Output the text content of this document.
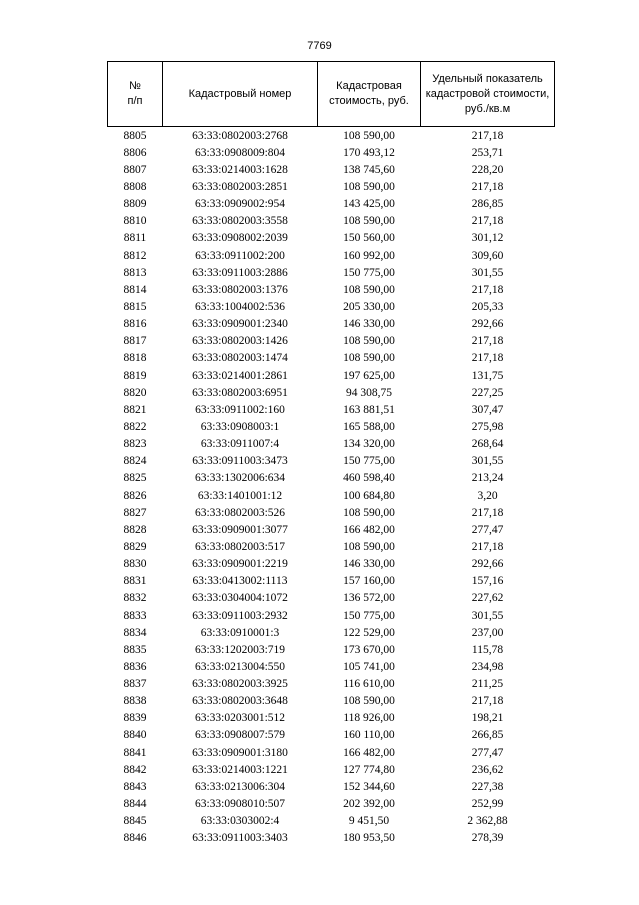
7769
№
п/п	Кадастровый номер	Кадастровая стоимость, руб.	Удельный показатель кадастровой стоимости, руб./кв.м
8805	63:33:0802003:2768	108 590,00	217,18
8806	63:33:0908009:804	170 493,12	253,71
8807	63:33:0214003:1628	138 745,60	228,20
8808	63:33:0802003:2851	108 590,00	217,18
8809	63:33:0909002:954	143 425,00	286,85
8810	63:33:0802003:3558	108 590,00	217,18
8811	63:33:0908002:2039	150 560,00	301,12
8812	63:33:0911002:200	160 992,00	309,60
8813	63:33:0911003:2886	150 775,00	301,55
8814	63:33:0802003:1376	108 590,00	217,18
8815	63:33:1004002:536	205 330,00	205,33
8816	63:33:0909001:2340	146 330,00	292,66
8817	63:33:0802003:1426	108 590,00	217,18
8818	63:33:0802003:1474	108 590,00	217,18
8819	63:33:0214001:2861	197 625,00	131,75
8820	63:33:0802003:6951	94 308,75	227,25
8821	63:33:0911002:160	163 881,51	307,47
8822	63:33:0908003:1	165 588,00	275,98
8823	63:33:0911007:4	134 320,00	268,64
8824	63:33:0911003:3473	150 775,00	301,55
8825	63:33:1302006:634	460 598,40	213,24
8826	63:33:1401001:12	100 684,80	3,20
8827	63:33:0802003:526	108 590,00	217,18
8828	63:33:0909001:3077	166 482,00	277,47
8829	63:33:0802003:517	108 590,00	217,18
8830	63:33:0909001:2219	146 330,00	292,66
8831	63:33:0413002:1113	157 160,00	157,16
8832	63:33:0304004:1072	136 572,00	227,62
8833	63:33:0911003:2932	150 775,00	301,55
8834	63:33:0910001:3	122 529,00	237,00
8835	63:33:1202003:719	173 670,00	115,78
8836	63:33:0213004:550	105 741,00	234,98
8837	63:33:0802003:3925	116 610,00	211,25
8838	63:33:0802003:3648	108 590,00	217,18
8839	63:33:0203001:512	118 926,00	198,21
8840	63:33:0908007:579	160 110,00	266,85
8841	63:33:0909001:3180	166 482,00	277,47
8842	63:33:0214003:1221	127 774,80	236,62
8843	63:33:0213006:304	152 344,60	227,38
8844	63:33:0908010:507	202 392,00	252,99
8845	63:33:0303002:4	9 451,50	2 362,88
8846	63:33:0911003:3403	180 953,50	278,39
